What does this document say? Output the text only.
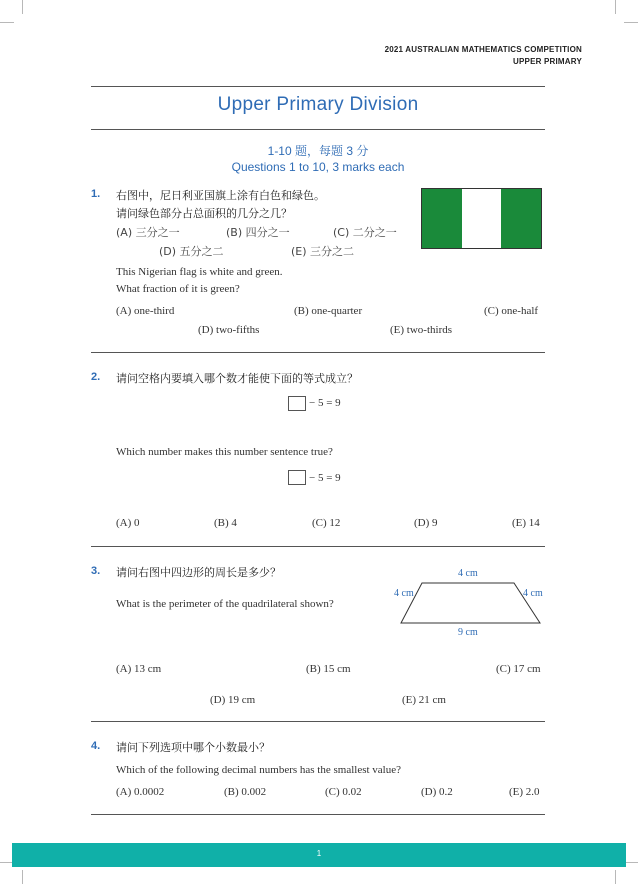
2021 AUSTRALIAN MATHEMATICS COMPETITION
UPPER PRIMARY
Upper Primary Division
1-10 题，每题 3 分
Questions 1 to 10, 3 marks each
1. 右图中，尼日利亚国旗上涂有白色和绿色。
请问绿色部分占总面积的几分之几？
(A) 三分之一	(B) 四分之一	(C) 二分之一
(D) 五分之二	(E) 三分之二
This Nigerian flag is white and green.
What fraction of it is green?
(A) one-third	(B) one-quarter	(C) one-half
(D) two-fifths	(E) two-thirds
2. 请问空格内要填入哪个数才能使下面的等式成立？
− 5 = 9
Which number makes this number sentence true?
− 5 = 9
(A) 0	(B) 4	(C) 12	(D) 9	(E) 14
3. 请问右图中四边形的周长是多少？
What is the perimeter of the quadrilateral shown?
4 cm
4 cm	4 cm
9 cm
(A) 13 cm	(B) 15 cm	(C) 17 cm
(D) 19 cm	(E) 21 cm
4. 请问下列选项中哪个小数最小？
Which of the following decimal numbers has the smallest value?
(A) 0.0002	(B) 0.002	(C) 0.02	(D) 0.2	(E) 2.0
1
